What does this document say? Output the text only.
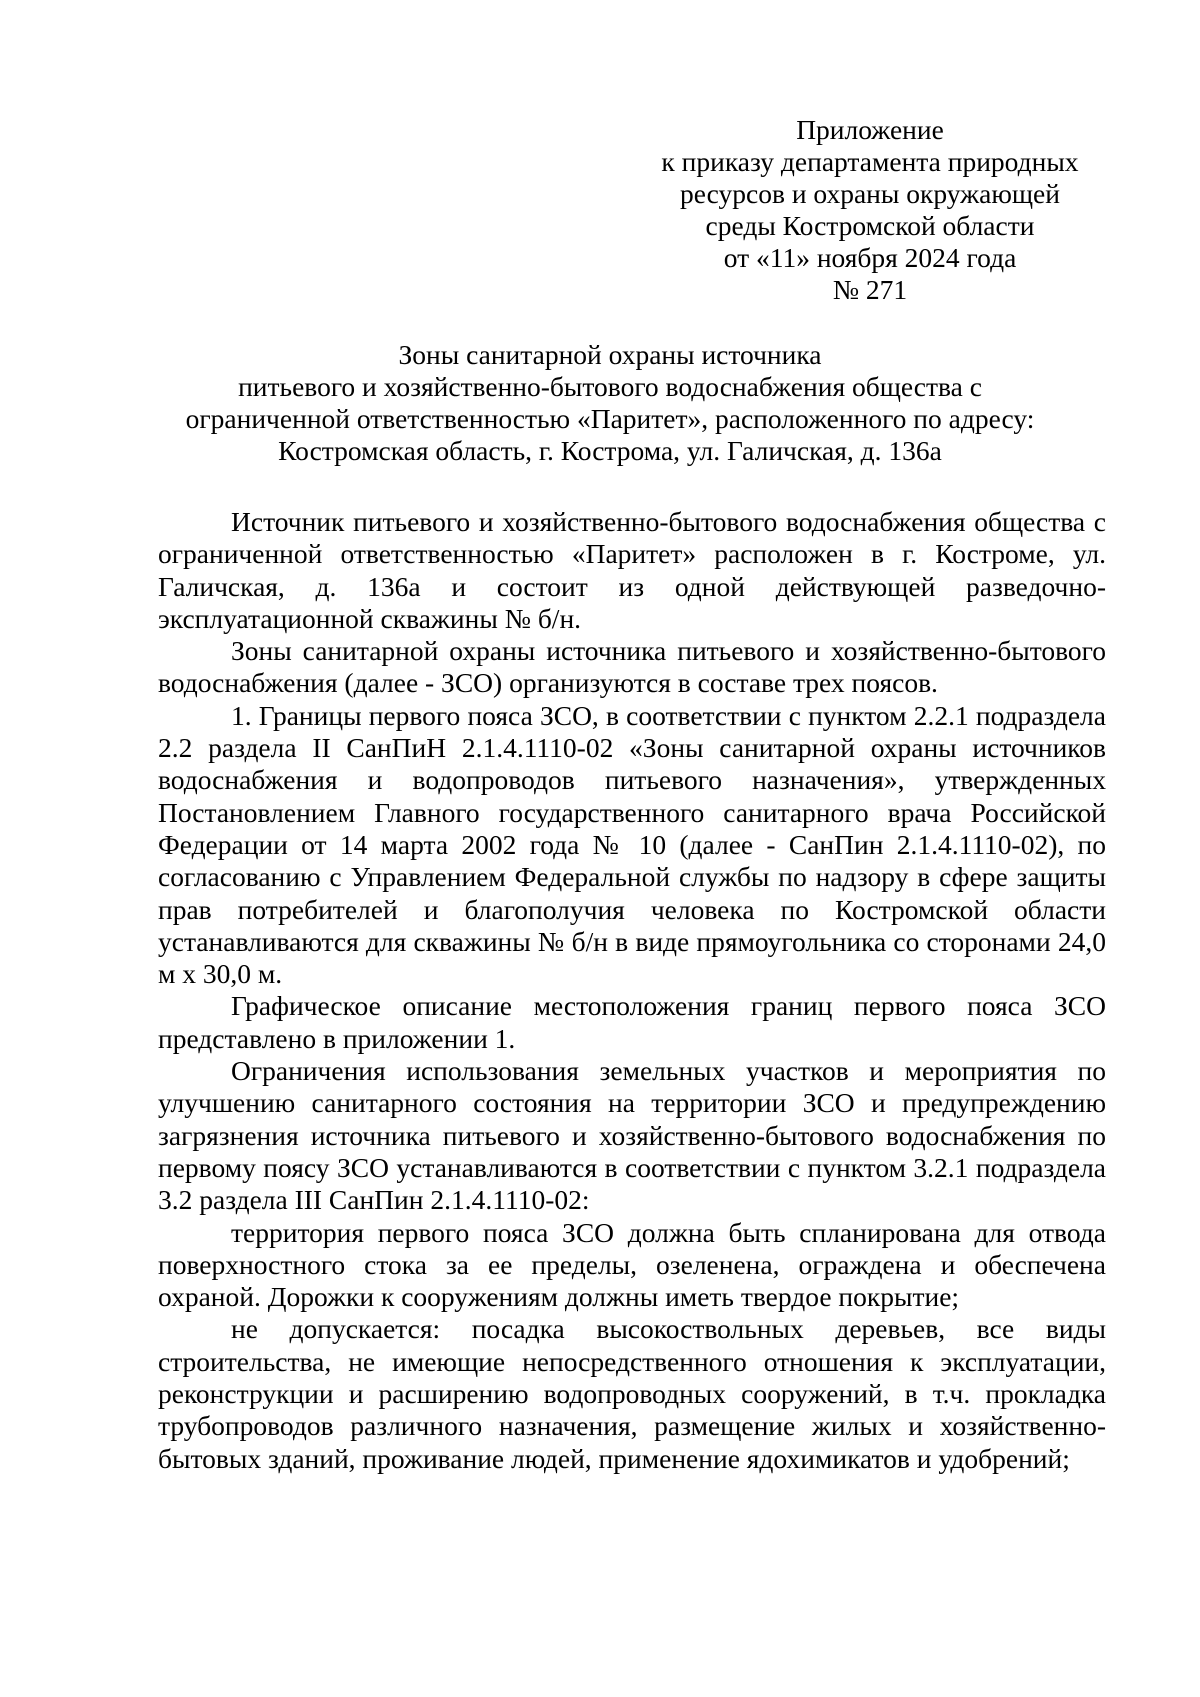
Приложение
к приказу департамента природных
ресурсов и охраны окружающей
среды Костромской области
от «11» ноября 2024 года
№ 271
Зоны санитарной охраны источника
питьевого и хозяйственно-бытового водоснабжения общества с
ограниченной ответственностью «Паритет», расположенного по адресу:
Костромская область, г. Кострома, ул. Галичская, д. 136а

Источник питьевого и хозяйственно-бытового водоснабжения общества с ограниченной ответственностью «Паритет» расположен в г. Костроме, ул. Галичская, д. 136а и состоит из одной действующей разведочно-эксплуатационной скважины № б/н.

Зоны санитарной охраны источника питьевого и хозяйственно-бытового водоснабжения (далее - ЗСО) организуются в составе трех поясов.

1. Границы первого пояса ЗСО, в соответствии с пунктом 2.2.1 подраздела 2.2 раздела II СанПиН 2.1.4.1110-02 «Зоны санитарной охраны источников водоснабжения и водопроводов питьевого назначения», утвержденных Постановлением Главного государственного санитарного врача Российской Федерации от 14 марта 2002 года № 10 (далее - СанПин 2.1.4.1110-02), по согласованию с Управлением Федеральной службы по надзору в сфере защиты прав потребителей и благополучия человека по Костромской области устанавливаются для скважины № б/н в виде прямоугольника со сторонами 24,0 м х 30,0 м.

Графическое описание местоположения границ первого пояса ЗСО представлено в приложении 1.

Ограничения использования земельных участков и мероприятия по улучшению санитарного состояния на территории ЗСО и предупреждению загрязнения источника питьевого и хозяйственно-бытового водоснабжения по первому поясу ЗСО устанавливаются в соответствии с пунктом 3.2.1 подраздела 3.2 раздела III СанПин 2.1.4.1110-02:

территория первого пояса ЗСО должна быть спланирована для отвода поверхностного стока за ее пределы, озеленена, ограждена и обеспечена охраной. Дорожки к сооружениям должны иметь твердое покрытие;

не допускается: посадка высокоствольных деревьев, все виды строительства, не имеющие непосредственного отношения к эксплуатации, реконструкции и расширению водопроводных сооружений, в т.ч. прокладка трубопроводов различного назначения, размещение жилых и хозяйственно-бытовых зданий, проживание людей, применение ядохимикатов и удобрений;
